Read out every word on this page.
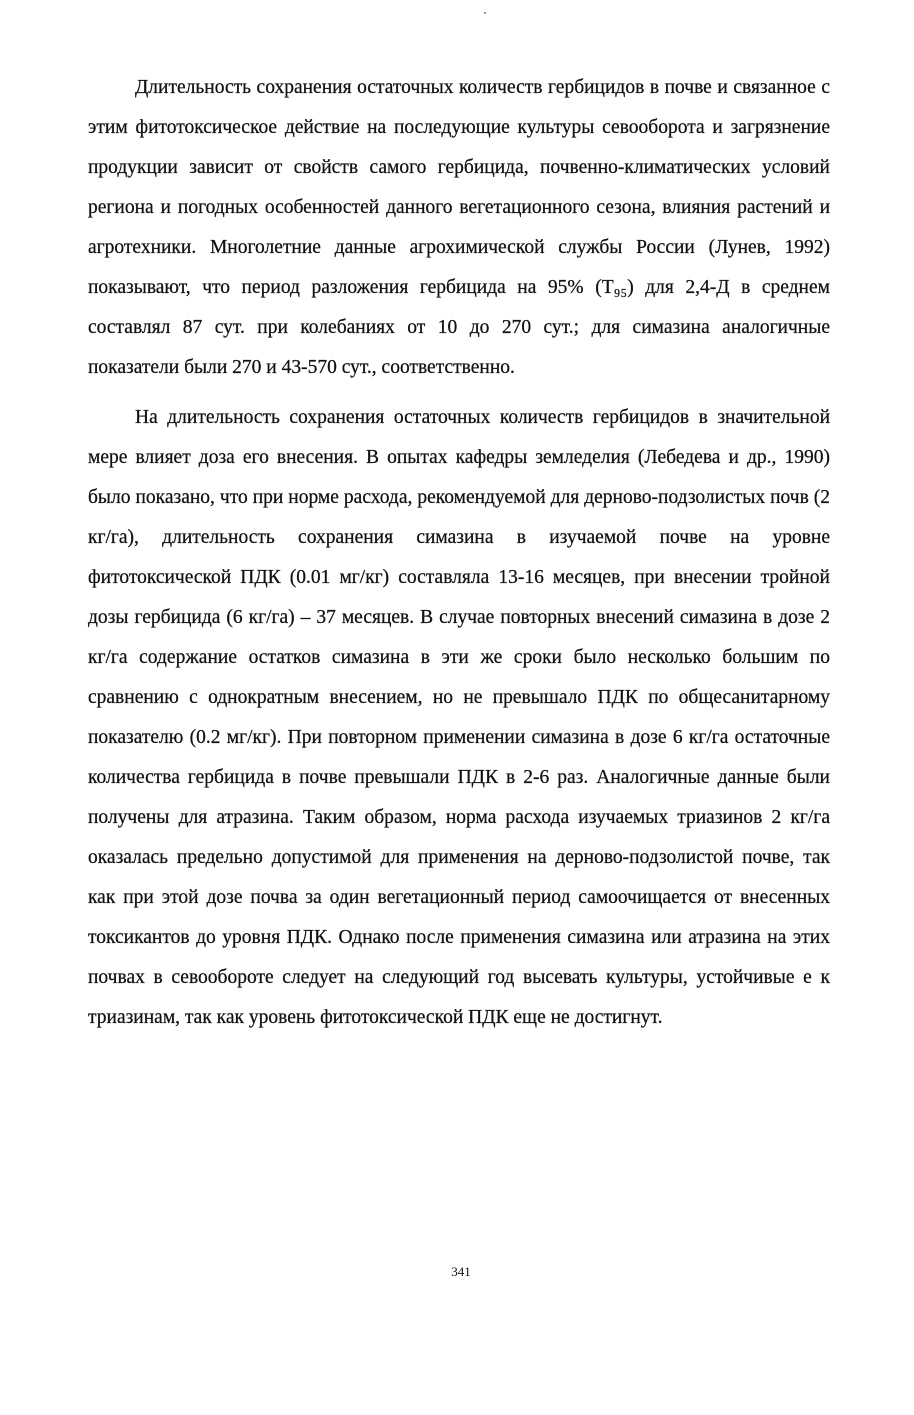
Длительность сохранения остаточных количеств гербицидов в почве и связанное с этим фитотоксическое действие на последующие культуры севооборота и загрязнение продукции зависит от свойств самого гербицида, почвенно-климатических условий региона и погодных особенностей данного вегетационного сезона, влияния растений и агротехники. Многолетние данные агрохимической службы России (Лунев, 1992) показывают, что период разложения гербицида на 95% (T₉₅) для 2,4-Д в среднем составлял 87 сут. при колебаниях от 10 до 270 сут.; для симазина аналогичные показатели были 270 и 43-570 сут., соответственно.

На длительность сохранения остаточных количеств гербицидов в значительной мере влияет доза его внесения. В опытах кафедры земледелия (Лебедева и др., 1990) было показано, что при норме расхода, рекомендуемой для дерново-подзолистых почв (2 кг/га), длительность сохранения симазина в изучаемой почве на уровне фитотоксической ПДК (0.01 мг/кг) составляла 13-16 месяцев, при внесении тройной дозы гербицида (6 кг/га) – 37 месяцев. В случае повторных внесений симазина в дозе 2 кг/га содержание остатков симазина в эти же сроки было несколько большим по сравнению с однократным внесением, но не превышало ПДК по общесанитарному показателю (0.2 мг/кг). При повторном применении симазина в дозе 6 кг/га остаточные количества гербицида в почве превышали ПДК в 2-6 раз. Аналогичные данные были получены для атразина. Таким образом, норма расхода изучаемых триазинов 2 кг/га оказалась предельно допустимой для применения на дерново-подзолистой почве, так как при этой дозе почва за один вегетационный период самоочищается от внесенных токсикантов до уровня ПДК. Однако после применения симазина или атразина на этих почвах в севообороте следует на следующий год высевать культуры, устойчивые е к триазинам, так как уровень фитотоксической ПДК еще не достигнут.

341
